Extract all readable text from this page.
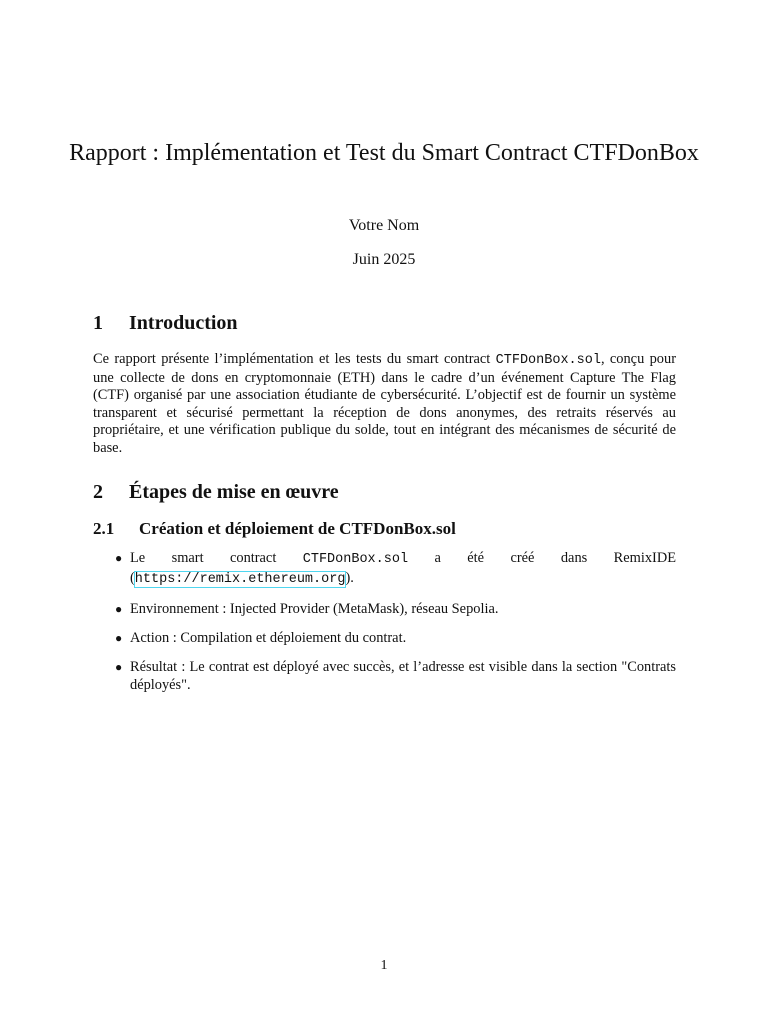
Rapport : Implémentation et Test du Smart Contract CTFDonBox
Votre Nom
Juin 2025
1 Introduction
Ce rapport présente l’implémentation et les tests du smart contract CTFDonBox.sol, conçu pour une collecte de dons en cryptomonnaie (ETH) dans le cadre d’un événement Capture The Flag (CTF) organisé par une association étudiante de cybersécurité. L’objectif est de fournir un système transparent et sécurisé permettant la réception de dons anonymes, des retraits réservés au propriétaire, et une vérification publique du solde, tout en intégrant des mécanismes de sécurité de base.
2 Étapes de mise en œuvre
2.1 Création et déploiement de CTFDonBox.sol
● Le smart contract CTFDonBox.sol a été créé dans RemixIDE (https://remix.ethereum.org).
● Environnement : Injected Provider (MetaMask), réseau Sepolia.
● Action : Compilation et déploiement du contrat.
● Résultat : Le contrat est déployé avec succès, et l’adresse est visible dans la section "Contrats déployés".
1
